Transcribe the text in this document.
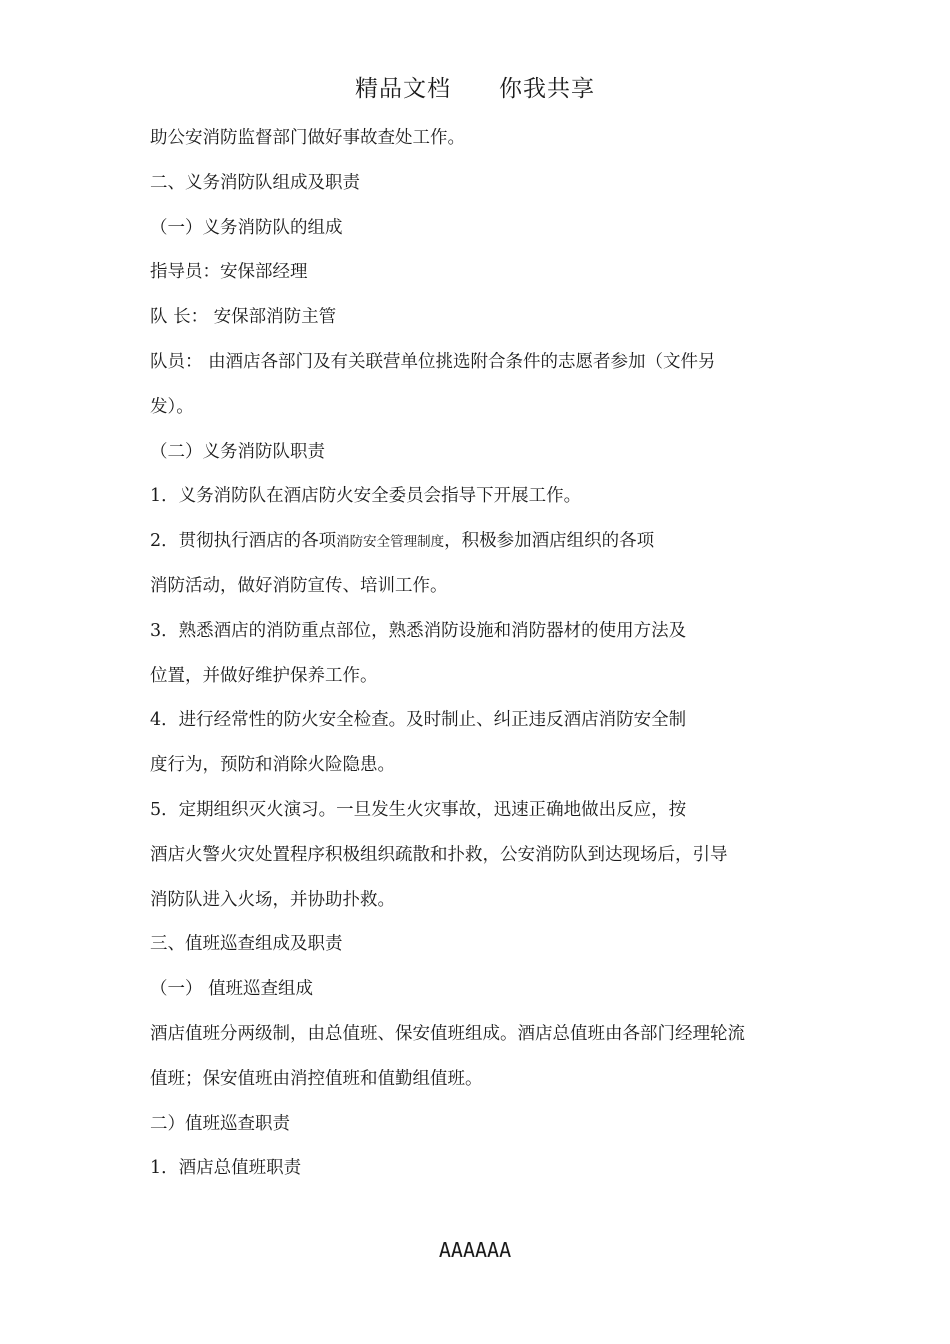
精品文档 你我共享
助公安消防监督部门做好事故查处工作。
二、义务消防队组成及职责
（一）义务消防队的组成
指导员：安保部经理
队 长： 安保部消防主管
队员： 由酒店各部门及有关联营单位挑选附合条件的志愿者参加（文件另
发）。
（二）义务消防队职责
1．义务消防队在酒店防火安全委员会指导下开展工作。
2．贯彻执行酒店的各项消防安全管理制度，积极参加酒店组织的各项
消防活动，做好消防宣传、培训工作。
3．熟悉酒店的消防重点部位，熟悉消防设施和消防器材的使用方法及
位置，并做好维护保养工作。
4．进行经常性的防火安全检查。及时制止、纠正违反酒店消防安全制
度行为，预防和消除火险隐患。
5．定期组织灭火演习。一旦发生火灾事故，迅速正确地做出反应，按
酒店火警火灾处置程序积极组织疏散和扑救，公安消防队到达现场后，引导
消防队进入火场，并协助扑救。
三、值班巡查组成及职责
（一） 值班巡查组成
酒店值班分两级制，由总值班、保安值班组成。酒店总值班由各部门经理轮流
值班；保安值班由消控值班和值勤组值班。
二）值班巡查职责
1．酒店总值班职责
AAAAAA
